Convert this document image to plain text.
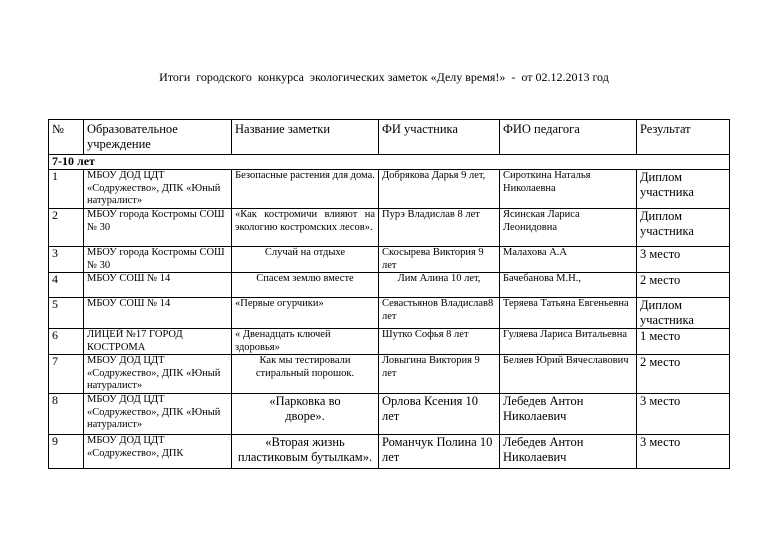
Итоги  городского  конкурса  экологических заметок «Делу время!»  -  от 02.12.2013 год
№	Образовательное учреждение	Название заметки	ФИ участника	ФИО педагога	Результат
7-10 лет					
1	МБОУ ДОД ЦДТ «Содружество», ДПК «Юный натуралист»	Безопасные растения для дома.	Добрякова Дарья 9 лет,	Сироткина Наталья Николаевна	Диплом участника
2	МБОУ города Костромы СОШ № 30	«Как костромичи влияют на экологию костромских лесов».	Пурэ Владислав 8 лет	Ясинская Лариса Леонидовна	Диплом участника
3	МБОУ города Костромы СОШ № 30	Случай на отдыхе	Скосырева Виктория 9 лет	Малахова А.А	3 место
4	МБОУ СОШ № 14	Спасем землю вместе	Лим Алина 10 лет,	Бачебанова М.Н.,	2 место
5	МБОУ СОШ № 14	«Первые огурчики»	Севастьянов Владислав8 лет	Теряева Татьяна Евгеньевна	Диплом участника
6	ЛИЦЕЙ №17 ГОРОД КОСТРОМА	« Двенадцать ключей здоровья»	Шутко Софья 8 лет	Гуляева Лариса Витальевна	1 место
7	МБОУ ДОД ЦДТ «Содружество», ДПК «Юный натуралист»	Как мы тестировали стиральный порошок.	Ловыгина Виктория 9 лет	Беляев Юрий Вячеславович	2 место
8	МБОУ ДОД ЦДТ «Содружество», ДПК «Юный натуралист»	«Парковка во дворе».	Орлова Ксения 10 лет	Лебедев Антон Николаевич	3 место
9	МБОУ ДОД ЦДТ «Содружество», ДПК	«Вторая жизнь пластиковым бутылкам».	Романчук Полина 10 лет	Лебедев Антон Николаевич	3 место
